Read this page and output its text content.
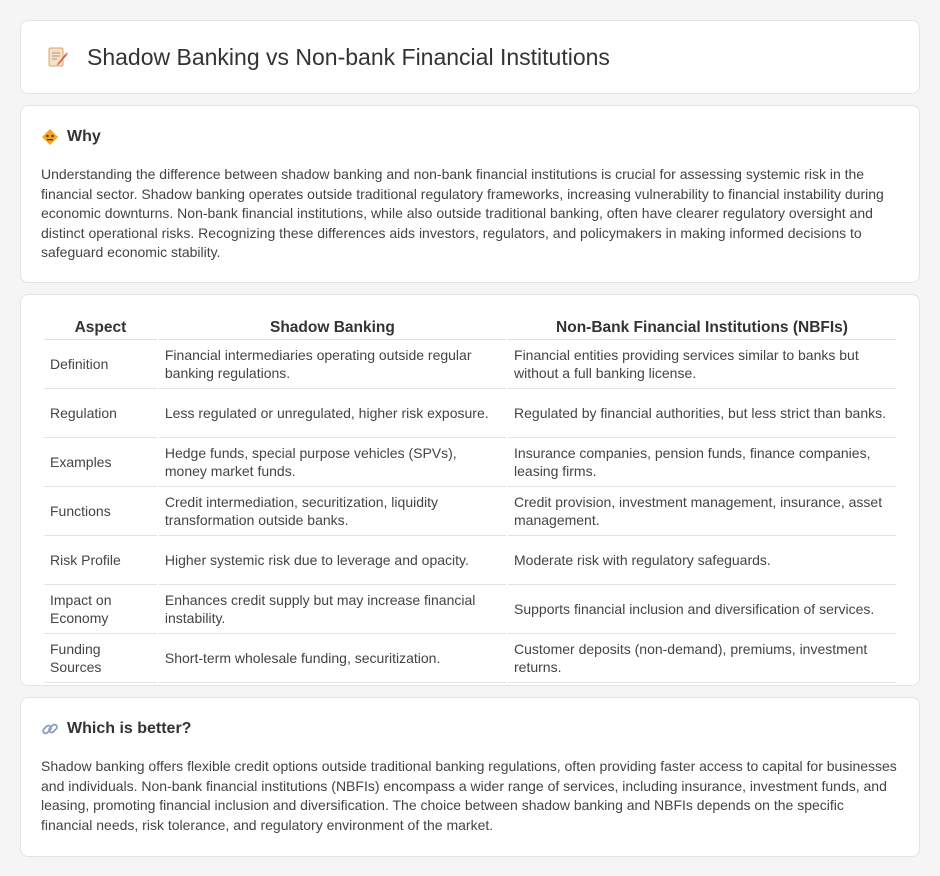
Shadow Banking vs Non-bank Financial Institutions
Why

Understanding the difference between shadow banking and non-bank financial institutions is crucial for assessing systemic risk in the financial sector. Shadow banking operates outside traditional regulatory frameworks, increasing vulnerability to financial instability during economic downturns. Non-bank financial institutions, while also outside traditional banking, often have clearer regulatory oversight and distinct operational risks. Recognizing these differences aids investors, regulators, and policymakers in making informed decisions to safeguard economic stability.

Aspect	Shadow Banking	Non-Bank Financial Institutions (NBFIs)
Definition	Financial intermediaries operating outside regular banking regulations.	Financial entities providing services similar to banks but without a full banking license.
Regulation	Less regulated or unregulated, higher risk exposure.	Regulated by financial authorities, but less strict than banks.
Examples	Hedge funds, special purpose vehicles (SPVs), money market funds.	Insurance companies, pension funds, finance companies, leasing firms.
Functions	Credit intermediation, securitization, liquidity transformation outside banks.	Credit provision, investment management, insurance, asset management.
Risk Profile	Higher systemic risk due to leverage and opacity.	Moderate risk with regulatory safeguards.
Impact on Economy	Enhances credit supply but may increase financial instability.	Supports financial inclusion and diversification of services.
Funding Sources	Short-term wholesale funding, securitization.	Customer deposits (non-demand), premiums, investment returns.
Which is better?

Shadow banking offers flexible credit options outside traditional banking regulations, often providing faster access to capital for businesses and individuals. Non-bank financial institutions (NBFIs) encompass a wider range of services, including insurance, investment funds, and leasing, promoting financial inclusion and diversification. The choice between shadow banking and NBFIs depends on the specific financial needs, risk tolerance, and regulatory environment of the market.
